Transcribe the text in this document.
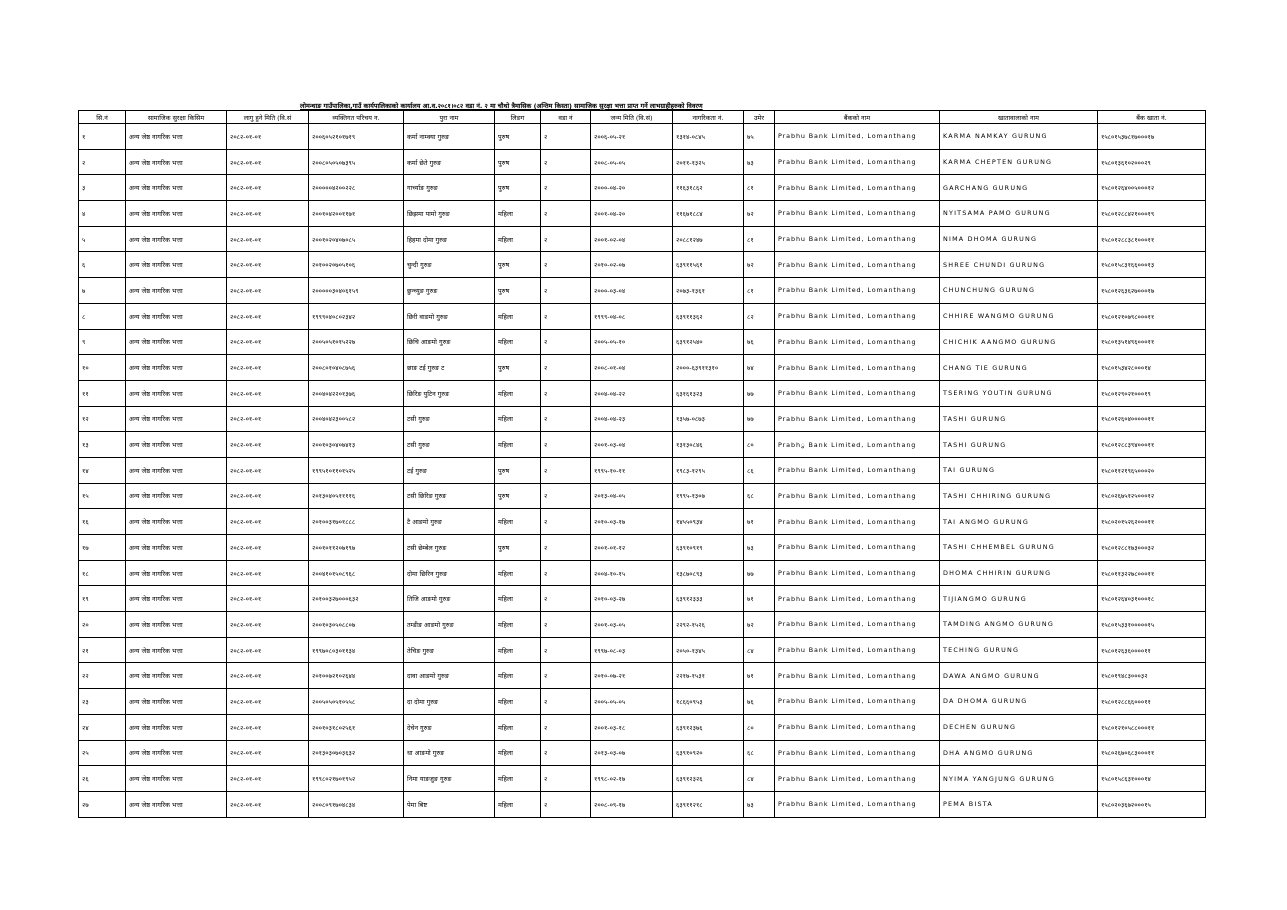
लोमन्थाङ गाउँपालिका,गाउँ कार्यपालिकाको कार्यालय आ.व.२०८१।०८२ वडा नं. २ मा चौथो त्रैमासिक (अन्तिम किस्ता) सामाजिक सुरक्षा भत्ता प्राप्त गर्ने लाभग्राहीहरुको विवरण
सि.नं	सामाजिक सुरक्षा किसिम	लागु हुने मिति (वि.सं	व्यक्तिगत परिचय न.	पुरा नाम	लिङग	वडा नं	जन्म मिति (वि.सं)	नागरिकता नं.	उमेर	बैंकको नाम	खातावालाको नाम	बैंक खाता नं.
१	अन्य जेष्ठ नागरिक भत्ता	२०८२-०१-०१	२००६०५२१०१७१९	कर्मा नाम्क्या गुरुङ	पुरुष	२	२००६-०५-२१	१३१४-०८४५	७५	Prabhu Bank Limited, Lomanthang	KARMA NAMKAY GURUNG	१५८०१५३७८१७०००१७
२	अन्य जेष्ठ नागरिक भत्ता	२०८२-०१-०१	२००८०५०५०७३९५	कर्मा छेते गुरुङ	पुरुष	२	२००८-०५-०५	२०११-१३२५	७३	Prabhu Bank Limited, Lomanthang	KARMA CHEPTEN GURUNG	१५८०१३६१०२०००२९
३	अन्य जेष्ठ नागरिक भत्ता	२०८२-०१-०१	२०००००४२००२२८	गार्च्याङ गुरुङ	पुरुष	२	२०००-०४-२०	११६३१८६२	८१	Prabhu Bank Limited, Lomanthang	GARCHANG GURUNG	१५८०१२६४००५०००१२
४	अन्य जेष्ठ नागरिक भत्ता	२०८२-०१-०१	२००१०४२००११७१	छिझमा पामो गुरुङ	महिला	२	२००१-०४-२०	११६७१८८४	७२	Prabhu Bank Limited, Lomanthang	NYITSAMA PAMO GURUNG	१५८०१२८८४२१०००१९
५	अन्य जेष्ठ नागरिक भत्ता	२०८२-०१-०१	२००१०२०४०७०८५	हिहमा दोमा गुरुङ	महिला	२	२००१-०२-०४	२०८८१२४७	८१	Prabhu Bank Limited, Lomanthang	NIMA DHOMA GURUNG	१५८०१२८८३८१०००११
६	अन्य जेष्ठ नागरिक भत्ता	२०८२-०१-०१	२०१००२०७०५१०६	चुन्दी गुरुङ	पुरुष	२	२०१०-०२-०७	६३९११५६१	७२	Prabhu Bank Limited, Lomanthang	SHREE CHUNDI GURUNG	१५८०१५८३१६६०००१३
७	अन्य जेष्ठ नागरिक भत्ता	२०८२-०१-०१	२०००००३०४०६१५९	छुन्च्युङ गुरुङ	पुरुष	२	२०००-०३-०४	२०७३-१३६१	८१	Prabhu Bank Limited, Lomanthang	CHUNCHUNG GURUNG	१५८०१२६३६२७०००१७
८	अन्य जेष्ठ नागरिक भत्ता	२०८२-०१-०१	१९९९०४०८०२३४२	छिरी वाङमो गुरुङ	महिला	२	१९९९-०४-०८	६३९११३६२	८२	Prabhu Bank Limited, Lomanthang	CHHIRE WANGMO GURUNG	१५८०१२१०७९८०००११
९	अन्य जेष्ठ नागरिक भत्ता	२०८२-०१-०१	२००५०५१०१५२२७	छिचि आङमो गुरुङ	महिला	२	२००५-०५-१०	६३९१२५४०	७६	Prabhu Bank Limited, Lomanthang	CHICHIK AANGMO GURUNG	१५८०१३५१४९६०००११
१०	अन्य जेष्ठ नागरिक भत्ता	२०८२-०१-०१	२००८०१०४०८७५६	छाङ टई गुरुङ ट	पुरुष	२	२००८-०१-०४	२०००-६३९११३१०	७४	Prabhu Bank Limited, Lomanthang	CHANG TIE GURUNG	१५८०१५३४२८०००१४
११	अन्य जेष्ठ नागरिक भत्ता	२०८२-०१-०१	२००४०४२२०१३७६	छिरिङ युटिन गुरुङ	महिला	२	२००४-०४-२२	६३१६१३२३	७७	Prabhu Bank Limited, Lomanthang	TSERING YOUTIN GURUNG	१५८०१२९०२१०००१९
१२	अन्य जेष्ठ नागरिक भत्ता	२०८२-०१-०१	२००४०४२३००५८२	टसी गुरुङ	महिला	२	२००४-०४-२३	१३५७-०८७३	७७	Prabhu Bank Limited, Lomanthang	TASHI GURUNG	१५८०१२६०४०००००११
१३	अन्य जेष्ठ नागरिक भत्ता	२०८२-०१-०१	२००१०३०४०७४१३	टसी गुरुङ	महिला	२	२००१-०३-०४	१३१३०८४६	८०	Prabhु Bank Limited, Lomanthang	TASHI GURUNG	१५८०१२८८३९४०००११
१४	अन्य जेष्ठ नागरिक भत्ता	२०८२-०१-०१	१९९५१०११०१५२५	टई गुरुङ	पुरुष	२	१९९५-१०-११	१९८३-१२९५	८६	Prabhu Bank Limited, Lomanthang	TAI GURUNG	१५८०११२१९६५०००२०
१५	अन्य जेष्ठ नागरिक भत्ता	२०८२-०१-०१	२०१३०४०५११११६	टसी छिरिङ गुरुङ	पुरुष	२	२०१३-०४-०५	१९९५-१३०७	६८	Prabhu Bank Limited, Lomanthang	TASHI CHHIRING GURUNG	१५८०२६७५१२५०००१२
१६	अन्य जेष्ठ नागरिक भत्ता	२०८२-०१-०१	२०१००३१७०१८८८	टै आङमो गुरुङ	महिला	२	२०१०-०३-१७	१४५५०९३४	७१	Prabhu Bank Limited, Lomanthang	TAI ANGMO GURUNG	१५८०२०१५२६२०००११
१७	अन्य जेष्ठ नागरिक भत्ता	२०८२-०१-०१	२००१०११२०७१९७	टसी छेम्बेल गुरुङ	पुरुष	२	२००१-०१-१२	६३९१०९१९	७३	Prabhu Bank Limited, Lomanthang	TASHI CHHEMBEL GURUNG	१५८०१२८८१७३०००३२
१८	अन्य जेष्ठ नागरिक भत्ता	२०८२-०१-०१	२००४१०१५०८९६८	दोमा छिरिन गुरुङ	महिला	२	२००४-१०-१५	१३८७०८९३	७७	Prabhu Bank Limited, Lomanthang	DHOMA CHHIRIN GURUNG	१५८०११३२२७८०००११
१९	अन्य जेष्ठ नागरिक भत्ता	२०८२-०१-०१	२०१००३२७०००६३२	तिजि आङमो गुरुङ	महिला	२	२०१०-०३-२७	६३९१२३३३	७१	Prabhu Bank Limited, Lomanthang	TIJIANGMO GURUNG	१५८०१२६४०३१०००१८
२०	अन्य जेष्ठ नागरिक भत्ता	२०८२-०१-०१	२००१०३०५०८८०७	तम्डीङ आङमो गुरुङ	महिला	२	२००१-०३-०५	२२९२-१५२६	७२	Prabhu Bank Limited, Lomanthang	TAMDING ANGMO GURUNG	१५८०१५३३१०००००१५
२१	अन्य जेष्ठ नागरिक भत्ता	२०८२-०१-०१	१९९७०८०३०११३४	तेचिङ गुरुङ	महिला	२	१९९७-०८-०३	२०५०-१३४५	८४	Prabhu Bank Limited, Lomanthang	TECHING GURUNG	१५८०१२६३६००००११
२२	अन्य जेष्ठ नागरिक भत्ता	२०८२-०१-०१	२०१००७२१०२६४४	दावा आङमो गुरुङ	महिला	२	२०१०-०७-२१	२२१७-१५३१	७१	Prabhu Bank Limited, Lomanthang	DAWA ANGMO GURUNG	१५८०१९४८३०००३२
२३	अन्य जेष्ठ नागरिक भत्ता	२०८२-०१-०१	२००५०५०५१०५५८	दा दोमा गुरुङ	महिला	२	२००५-०५-०५	१८६६०९५३	७६	Prabhu Bank Limited, Lomanthang	DA DHOMA GURUNG	१५८०१२८८६६०००११
२४	अन्य जेष्ठ नागरिक भत्ता	२०८२-०१-०१	२००१०३१८०२५६१	देचेन गुरुङ	महिला	२	२००१-०३-१८	६३९१२३७६	८०	Prabhu Bank Limited, Lomanthang	DECHEN GURUNG	१५८०१२१०५८८०००११
२५	अन्य जेष्ठ नागरिक भत्ता	२०८२-०१-०१	२०१३०३०७०३६३२	धा आङमो गुरुङ	महिला	२	२०१३-०३-०७	६३९१०९२०	६८	Prabhu Bank Limited, Lomanthang	DHA ANGMO GURUNG	१५८०२६७०६८३०००११
२६	अन्य जेष्ठ नागरिक भत्ता	२०८२-०१-०१	१९९८०२१७०१९५२	निमा याङजुङ गुरुङ	महिला	२	१९९८-०२-१७	६३९१२३२६	८४	Prabhu Bank Limited, Lomanthang	NYIMA YANGJUNG GURUNG	१५८०१५८६३१०००१४
२७	अन्य जेष्ठ नागरिक भत्ता	२०८२-०१-०१	२००८०९१७०४८३४	पेमा बिष्ट	महिला	२	२००८-०९-१७	६३९११२१८	७३	Prabhu Bank Limited, Lomanthang	PEMA BISTA	१५८०२०३६७२०००१५
